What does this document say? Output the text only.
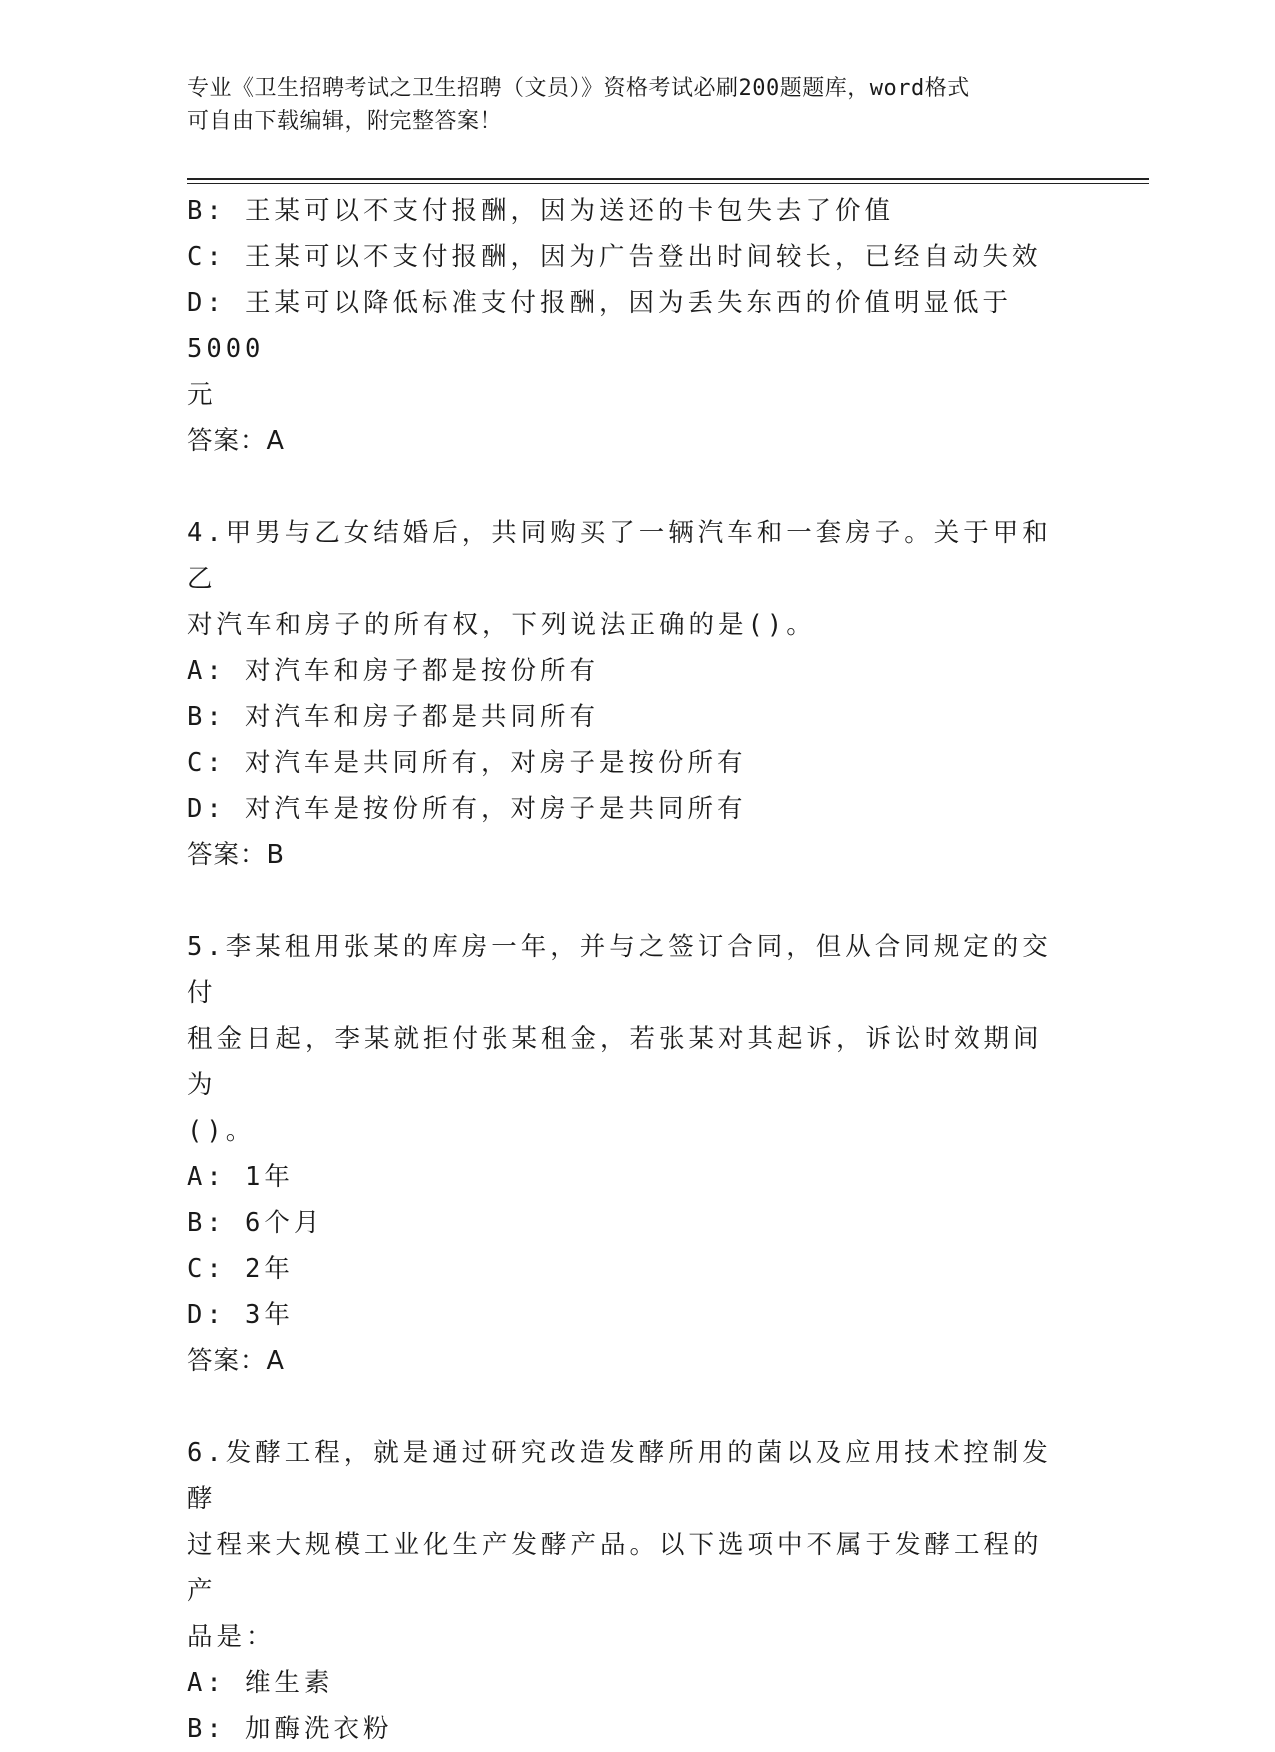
专业《卫生招聘考试之卫生招聘（文员）》资格考试必刷200题题库，word格式
可自由下载编辑，附完整答案！
B: 王某可以不支付报酬，因为送还的卡包失去了价值
C: 王某可以不支付报酬，因为广告登出时间较长，已经自动失效
D: 王某可以降低标准支付报酬，因为丢失东西的价值明显低于5000
元
答案：A
4.甲男与乙女结婚后，共同购买了一辆汽车和一套房子。关于甲和乙
对汽车和房子的所有权，下列说法正确的是()。
A: 对汽车和房子都是按份所有
B: 对汽车和房子都是共同所有
C: 对汽车是共同所有，对房子是按份所有
D: 对汽车是按份所有，对房子是共同所有
答案：B
5.李某租用张某的库房一年，并与之签订合同，但从合同规定的交付
租金日起，李某就拒付张某租金，若张某对其起诉，诉讼时效期间为
()。
A: 1年
B: 6个月
C: 2年
D: 3年
答案：A
6.发酵工程，就是通过研究改造发酵所用的菌以及应用技术控制发酵
过程来大规模工业化生产发酵产品。以下选项中不属于发酵工程的产
品是：
A: 维生素
B: 加酶洗衣粉
